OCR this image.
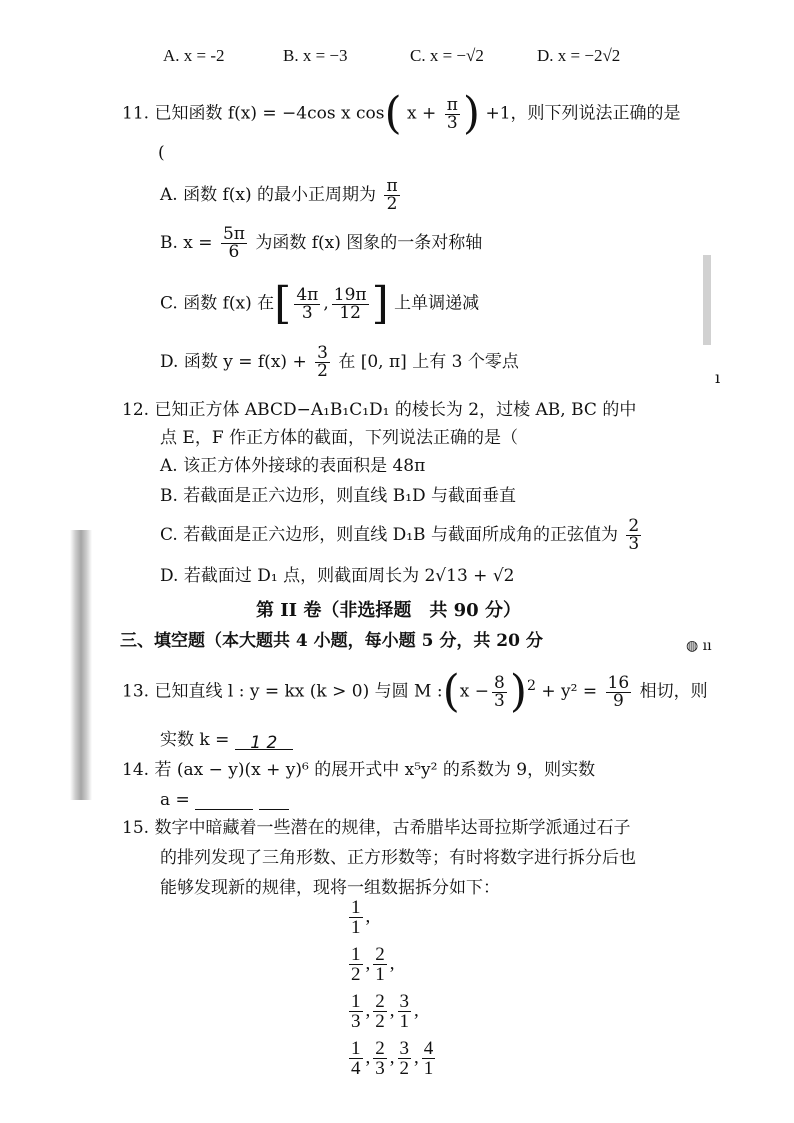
A. x = -2	B. x = −3	C. x = −√2	D. x = −2√2
11. 已知函数 f(x) = −4cos x cos( $x + \frac{\pi}{3}$ ) +1，则下列说法正确的是
(
A. 函数 f(x) 的最小正周期为 $\frac{\pi}{2}$
B. $x = \frac{5\pi}{6}$ 为函数 f(x) 图象的一条对称轴
C. 函数 f(x) 在[ $\frac{4\pi}{3}$ , $\frac{19\pi}{12}$ ] 上单调递减
D. 函数 $y = f(x) + \frac{3}{2}$ 在 [0, π] 上有 3 个零点
12. 已知正方体 ABCD−A₁B₁C₁D₁ 的棱长为 2，过棱 AB, BC 的中
点 E，F 作正方体的截面，下列说法正确的是（
A. 该正方体外接球的表面积是 48π
B. 若截面是正六边形，则直线 B₁D 与截面垂直
C. 若截面是正六边形，则直线 D₁B 与截面所成角的正弦值为 $\frac{2}{3}$
D. 若截面过 D₁ 点，则截面周长为 2√13 + √2
第 II 卷（非选择题　共 90 分）
三、填空题（本大题共 4 小题，每小题 5 分，共 20 分
13. 已知直线 l : y = kx (k > 0) 与圆 M :(x − $\frac{8}{3} )^2 + y^2 = \frac{16}{9}$ 相切，则
实数 k = 1 2
14. 若 (ax − y)(x + y)⁶ 的展开式中 x⁵y² 的系数为 9，则实数
a =
15. 数字中暗藏着一些潜在的规律，古希腊毕达哥拉斯学派通过石子
的排列发现了三角形数、正方形数等；有时将数字进行拆分后也
能够发现新的规律，现将一组数据拆分如下：
$\frac{1}{1}$ ,
$\frac{1}{2}$ , $\frac{2}{1}$ ,
$\frac{1}{3}$ , $\frac{2}{2}$ , $\frac{3}{1}$ ,
$\frac{1}{4}$ , $\frac{2}{3}$ , $\frac{3}{2}$ , $\frac{4}{1}$
◍ ıı
ı
